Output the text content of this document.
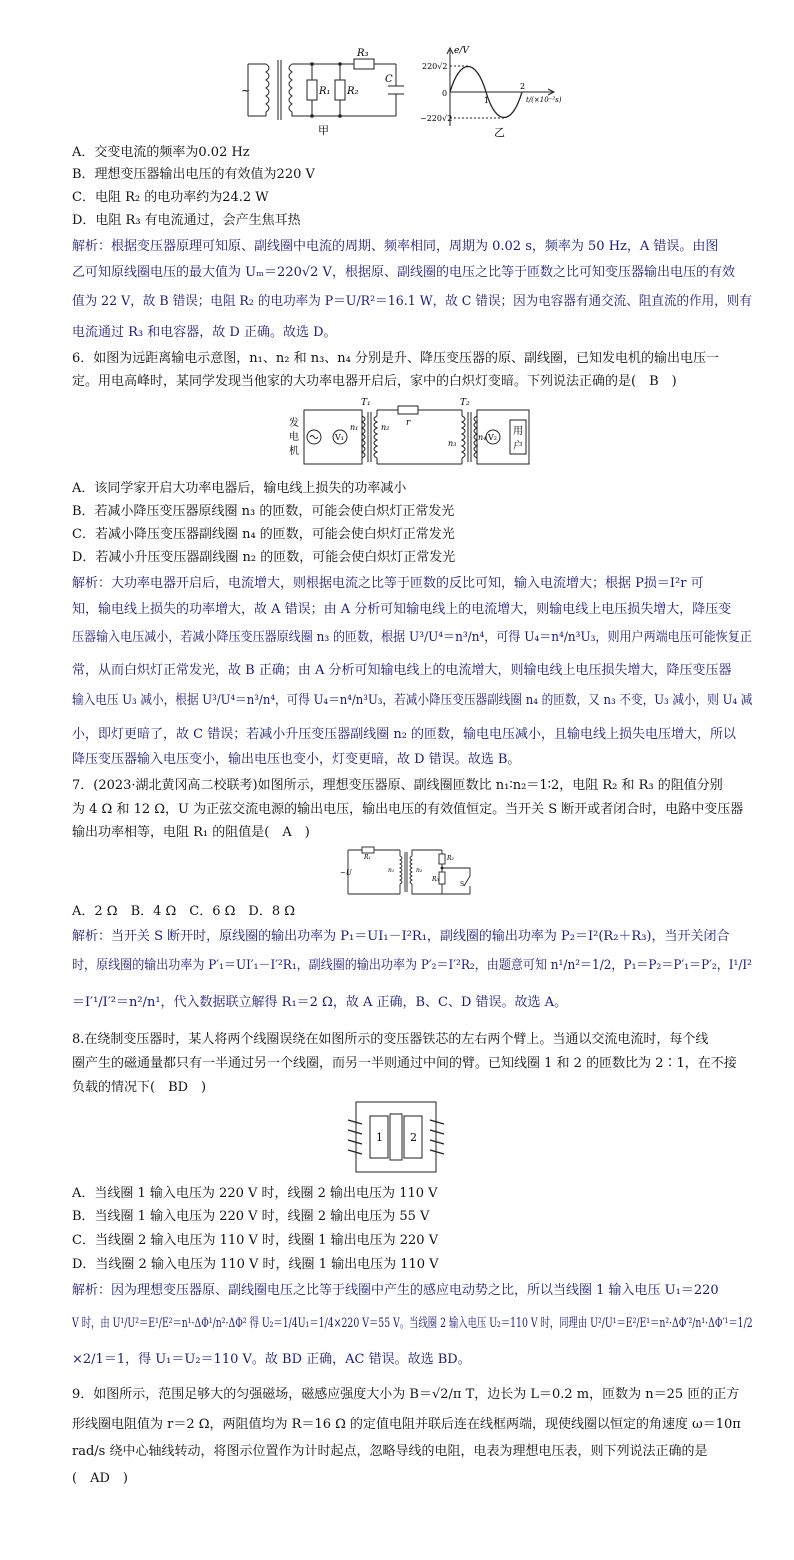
~	R₁ R₂
R₃
C
甲
e/V
220√2
0
−220√2
1
2
t/(×10⁻²s)
乙
A．交变电流的频率为0.02 Hz
B．理想变压器输出电压的有效值为220 V
C．电阻 R₂ 的电功率约为24.2 W
D．电阻 R₃ 有电流通过，会产生焦耳热
解析：根据变压器原理可知原、副线圈中电流的周期、频率相同，周期为 0.02 s，频率为 50 Hz，A 错误。由图
乙可知原线圈电压的最大值为 Uₘ＝220√2 V，根据原、副线圈的电压之比等于匝数之比可知变压器输出电压的有效
值为 22 V，故 B 错误；电阻 R₂ 的电功率为 P＝U/R²＝16.1 W，故 C 错误；因为电容器有通交流、阻直流的作用，则有
电流通过 R₃ 和电容器，故 D 正确。故选 D。
6．如图为远距离输电示意图，n₁、n₂ 和 n₃、n₄ 分别是升、降压变压器的原、副线圈，已知发电机的输出电压一
定。用电高峰时，某同学发现当他家的大功率电器开启后，家中的白炽灯变暗。下列说法正确的是(　B　)
发
电
机
V₁
n₁	n₂
T₁	T₂
r
n₃
n₄ V₂
用
户
A．该同学家开启大功率电器后，输电线上损失的功率减小
B．若减小降压变压器原线圈 n₃ 的匝数，可能会使白炽灯正常发光
C．若减小降压变压器副线圈 n₄ 的匝数，可能会使白炽灯正常发光
D．若减小升压变压器副线圈 n₂ 的匝数，可能会使白炽灯正常发光
解析：大功率电器开启后，电流增大，则根据电流之比等于匝数的反比可知，输入电流增大；根据 P损＝I²r 可
知，输电线上损失的功率增大，故 A 错误；由 A 分析可知输电线上的电流增大，则输电线上电压损失增大，降压变
压器输入电压减小，若减小降压变压器原线圈 n₃ 的匝数，根据 U³/U⁴＝n³/n⁴，可得 U₄＝n⁴/n³U₃，则用户两端电压可能恢复正
常，从而白炽灯正常发光，故 B 正确；由 A 分析可知输电线上的电流增大，则输电线上电压损失增大，降压变压器
输入电压 U₃ 减小，根据 U³/U⁴＝n³/n⁴，可得 U₄＝n⁴/n³U₃，若减小降压变压器副线圈 n₄ 的匝数，又 n₃ 不变，U₃ 减小，则 U₄ 减
小，即灯更暗了，故 C 错误；若减小升压变压器副线圈 n₂ 的匝数，输电电压减小，且输电线上损失电压增大，所以
降压变压器输入电压变小，输出电压也变小，灯变更暗，故 D 错误。故选 B。
7．(2023·湖北黄冈高二校联考)如图所示，理想变压器原、副线圈匝数比 n₁∶n₂＝1∶2，电阻 R₂ 和 R₃ 的阻值分别
为 4 Ω 和 12 Ω，U 为正弦交流电源的输出电压，输出电压的有效值恒定。当开关 S 断开或者闭合时，电路中变压器
输出功率相等，电阻 R₁ 的阻值是(　A　)
R₁
~U	n₁	n₂
R₂
R₃
S
A．2 Ω　B．4 Ω　C．6 Ω　D．8 Ω
解析：当开关 S 断开时，原线圈的输出功率为 P₁＝UI₁－I²R₁，副线圈的输出功率为 P₂＝I²(R₂＋R₃)，当开关闭合
时，原线圈的输出功率为 P′₁＝UI′₁－I′²R₁，副线圈的输出功率为 P′₂＝I′²R₂，由题意可知 n¹/n²＝1/2，P₁＝P₂＝P′₁＝P′₂，I¹/I²
＝I′¹/I′²＝n²/n¹，代入数据联立解得 R₁＝2 Ω，故 A 正确，B、C、D 错误。故选 A。
8.在绕制变压器时，某人将两个线圈误绕在如图所示的变压器铁芯的左右两个臂上。当通以交流电流时，每个线
圈产生的磁通量都只有一半通过另一个线圈，而另一半则通过中间的臂。已知线圈 1 和 2 的匝数比为 2∶1，在不接
负载的情况下(　BD　)
1 2
A．当线圈 1 输入电压为 220 V 时，线圈 2 输出电压为 110 V
B．当线圈 1 输入电压为 220 V 时，线圈 2 输出电压为 55 V
C．当线圈 2 输入电压为 110 V 时，线圈 1 输出电压为 220 V
D．当线圈 2 输入电压为 110 V 时，线圈 1 输出电压为 110 V
解析：因为理想变压器原、副线圈电压之比等于线圈中产生的感应电动势之比，所以当线圈 1 输入电压 U₁＝220
V 时，由 U¹/U²＝E¹/E²＝n¹·ΔΦ¹/n²·ΔΦ² 得 U₂＝1/4U₁＝1/4×220 V＝55 V。当线圈 2 输入电压 U₂＝110 V 时，同理由 U²/U¹＝E²/E¹＝n²·ΔΦ′²/n¹·ΔΦ′¹＝1/2
×2/1＝1，得 U₁＝U₂＝110 V。故 BD 正确，AC 错误。故选 BD。
9．如图所示，范围足够大的匀强磁场，磁感应强度大小为 B＝√2/π T，边长为 L＝0.2 m，匝数为 n＝25 匝的正方
形线圈电阻值为 r＝2 Ω，两阻值均为 R＝16 Ω 的定值电阻并联后连在线框两端，现使线圈以恒定的角速度 ω＝10π
rad/s 绕中心轴线转动，将图示位置作为计时起点，忽略导线的电阻，电表为理想电压表，则下列说法正确的是
(　AD　)
